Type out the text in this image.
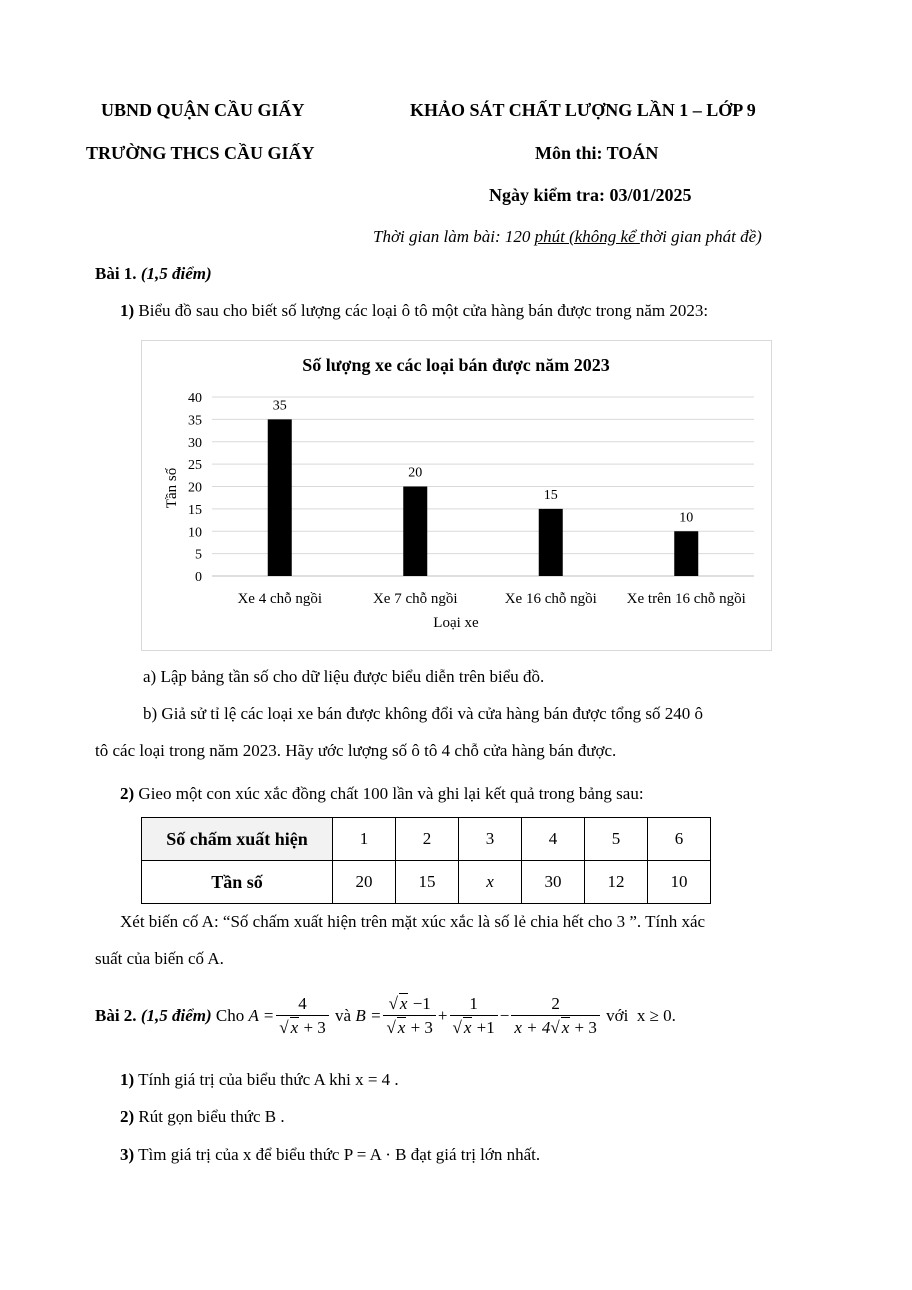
UBND QUẬN CẦU GIẤY
TRƯỜNG THCS CẦU GIẤY
KHẢO SÁT CHẤT LƯỢNG LẦN 1 – LỚP 9
Môn thi: TOÁN
Ngày kiểm tra: 03/01/2025
Thời gian làm bài: 120 phút (không kể thời gian phát đề)
Bài 1. (1,5 điểm)
1) Biểu đồ sau cho biết số lượng các loại ô tô một cửa hàng bán được trong năm 2023:
Số lượng xe các loại bán được năm 2023
0
5
10
15
20
25
30
35
40	35
Xe 4 chỗ ngồi
20
Xe 7 chỗ ngồi
15
Xe 16 chỗ ngồi
10
Xe trên 16 chỗ ngồi
Loại xe
Tần số
a) Lập bảng tần số cho dữ liệu được biểu diễn trên biểu đồ.
b) Giả sử tỉ lệ các loại xe bán được không đổi và cửa hàng bán được tổng số 240 ô
tô các loại trong năm 2023. Hãy ước lượng số ô tô 4 chỗ cửa hàng bán được.
2) Gieo một con xúc xắc đồng chất 100 lần và ghi lại kết quả trong bảng sau:
Số chấm xuất hiện	1	2	3	4	5	6
Tần số	20	15	x	30	12	10
Xét biến cố A: “Số chấm xuất hiện trên mặt xúc xắc là số lẻ chia hết cho 3 ”. Tính xác
suất của biến cố A.
Bài 2.
(1,5 điểm) Cho $A = \frac{4}{√ x + 3}$ và $B = \frac{√ x -1}{√ x + 3} + \frac{1}{√ x +1} - \frac{2}{x + 4√ x + 3}$ với  x ≥ 0.
1) Tính giá trị của biểu thức A khi x = 4 .
2) Rút gọn biểu thức B .
3) Tìm giá trị của x để biểu thức P = A · B đạt giá trị lớn nhất.
